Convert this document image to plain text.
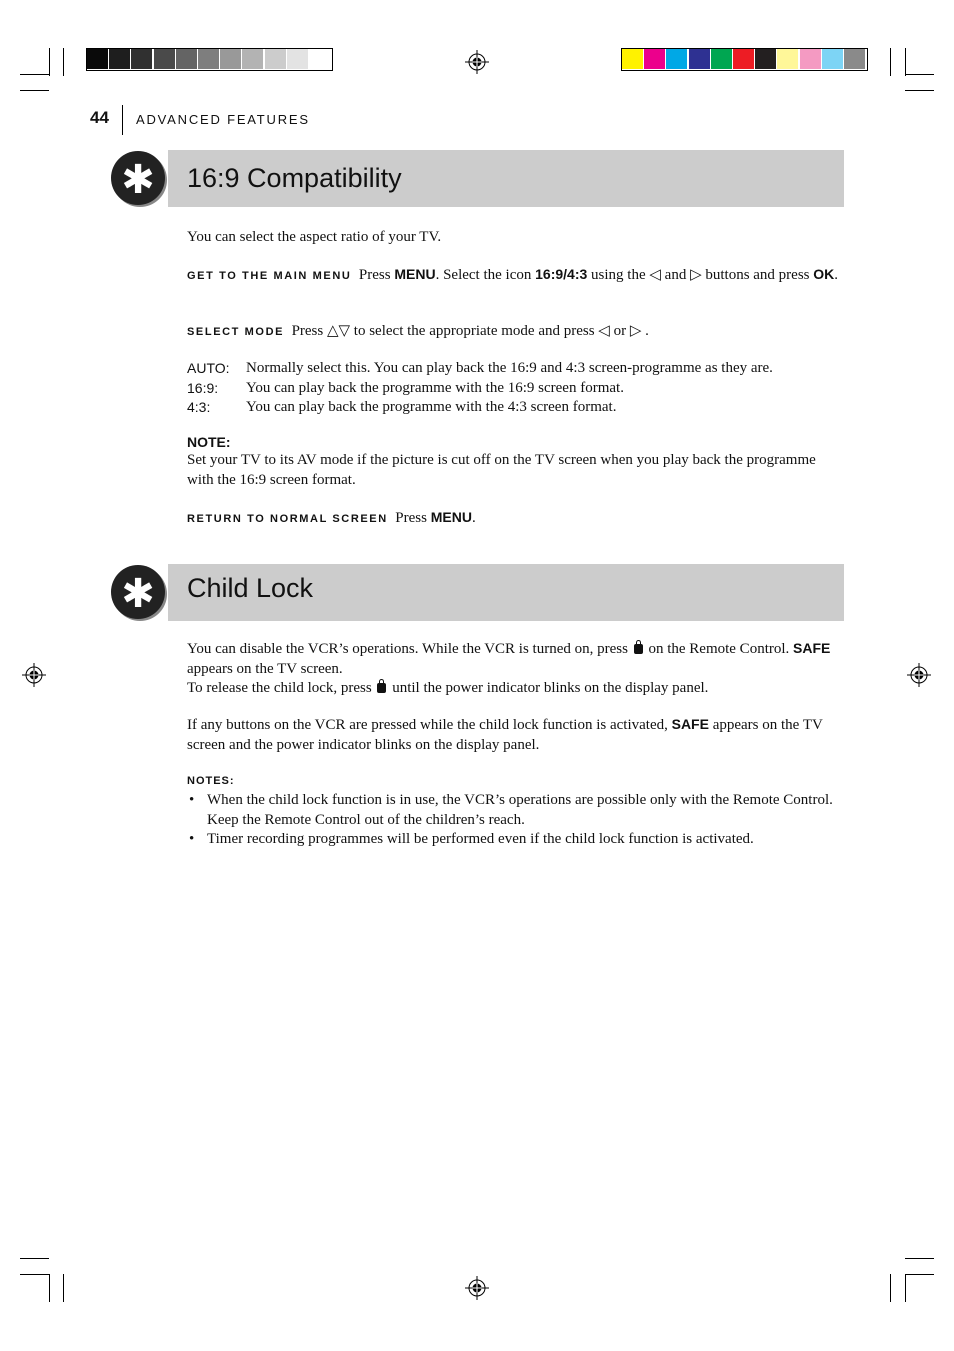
44 ADVANCED FEATURES
✱	16:9 Compatibility
You can select the aspect ratio of your TV.
GET TO THE MAIN MENU Press MENU. Select the icon 16:9/4:3 using the ◁ and ▷ buttons and press OK.
SELECT MODE Press △▽ to select the appropriate mode and press ◁ or ▷ .
AUTO: Normally select this. You can play back the 16:9 and 4:3 screen-programme as they are.
16:9: You can play back the programme with the 16:9 screen format.
4:3: You can play back the programme with the 4:3 screen format.
NOTE:
Set your TV to its AV mode if the picture is cut off on the TV screen when you play back the programme with the 16:9 screen format.
RETURN TO NORMAL SCREEN Press MENU.
✱	Child Lock
You can disable the VCR’s operations. While the VCR is turned on, press  on the Remote Control. SAFE appears on the TV screen.
To release the child lock, press  until the power indicator blinks on the display panel.
If any buttons on the VCR are pressed while the child lock function is activated, SAFE appears on the TV screen and the power indicator blinks on the display panel.
NOTES:
• When the child lock function is in use, the VCR’s operations are possible only with the Remote Control. Keep the Remote Control out of the children’s reach.
• Timer recording programmes will be performed even if the child lock function is activated.
